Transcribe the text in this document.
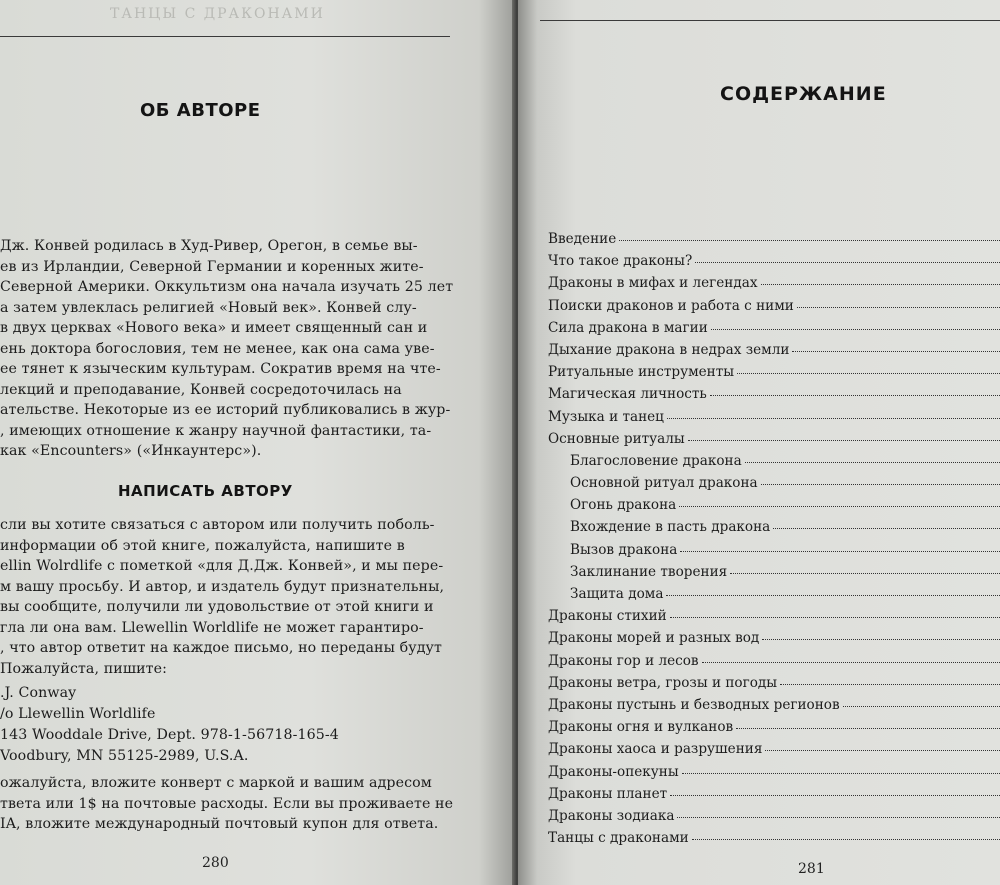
ТАНЦЫ С ДРАКОНАМИ
ОБ АВТОРЕ
Дж. Конвей родилась в Худ-Ривер, Орегон, в семье вы-
ев из Ирландии, Северной Германии и коренных жите-
Северной Америки. Оккультизм она начала изучать 25 лет
а затем увлеклась религией «Новый век». Конвей слу-
в двух церквах «Нового века» и имеет священный сан и
ень доктора богословия, тем не менее, как она сама уве-
ее тянет к языческим культурам. Сократив время на чте-
лекций и преподавание, Конвей сосредоточилась на
ательстве. Некоторые из ее историй публиковались в жур-
, имеющих отношение к жанру научной фантастики, та-
как «Encounters» («Инкаунтерс»).
НАПИСАТЬ АВТОРУ
сли вы хотите связаться с автором или получить поболь-
информации об этой книге, пожалуйста, напишите в
ellin Wolrdlife с пометкой «для Д.Дж. Конвей», и мы пере-
м вашу просьбу. И автор, и издатель будут признательны,
вы сообщите, получили ли удовольствие от этой книги и
гла ли она вам. Llewellin Worldlife не может гарантиро-
, что автор ответит на каждое письмо, но переданы будут
Пожалуйста, пишите:
.J. Conway
/o Llewellin Worldlife
143 Wooddale Drive, Dept. 978-1-56718-165-4
Voodbury, MN 55125-2989, U.S.A.
ожалуйста, вложите конверт с маркой и вашим адресом
твета или 1$ на почтовые расходы. Если вы проживаете не
IA, вложите международный почтовый купон для ответа.
280
СОДЕРЖАНИЕ
Введение
Что такое драконы?
Драконы в мифах и легендах
Поиски драконов и работа с ними
Сила дракона в магии
Дыхание дракона в недрах земли
Ритуальные инструменты
Магическая личность
Музыка и танец
Основные ритуалы
Благословение дракона
Основной ритуал дракона
Огонь дракона
Вхождение в пасть дракона
Вызов дракона
Заклинание творения
Защита дома
Драконы стихий
Драконы морей и разных вод
Драконы гор и лесов
Драконы ветра, грозы и погоды
Драконы пустынь и безводных регионов
Драконы огня и вулканов
Драконы хаоса и разрушения
Драконы-опекуны
Драконы планет
Драконы зодиака
Танцы с драконами
281
